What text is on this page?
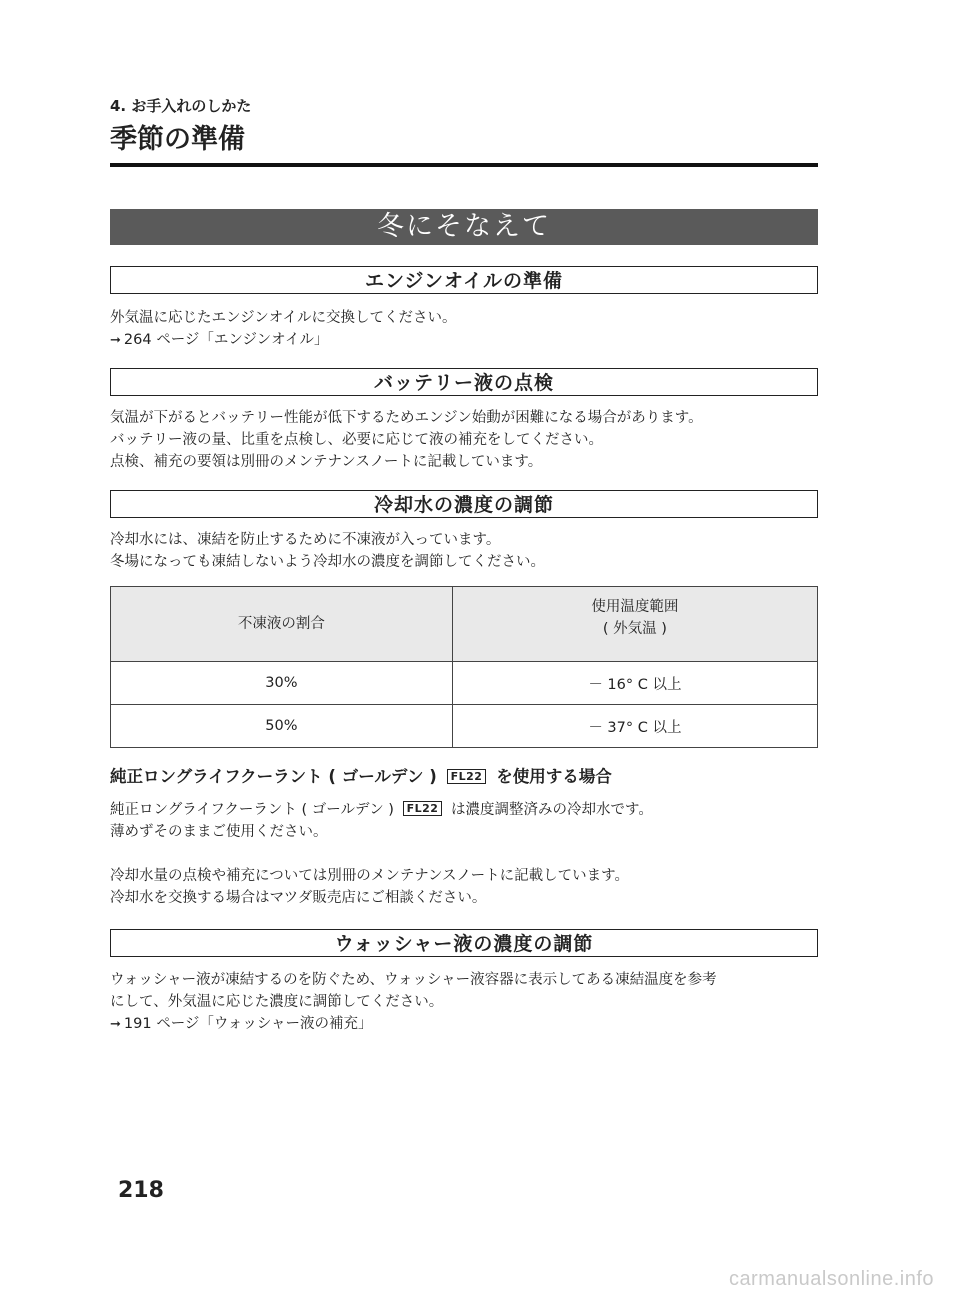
4. お手入れのしかた

季節の準備
冬にそなえて
エンジンオイルの準備

外気温に応じたエンジンオイルに交換してください。

➞ 264 ページ「エンジンオイル」

バッテリー液の点検

気温が下がるとバッテリー性能が低下するためエンジン始動が困難になる場合があります。

バッテリー液の量、比重を点検し、必要に応じて液の補充をしてください。

点検、補充の要領は別冊のメンテナンスノートに記載しています。

冷却水の濃度の調節

冷却水には、凍結を防止するために不凍液が入っています。

冬場になっても凍結しないよう冷却水の濃度を調節してください。

不凍液の割合	使用温度範囲
( 外気温 )
30%	－ 16° C 以上
50%	－ 37° C 以上
純正ロングライフクーラント ( ゴールデン ) FL22 を使用する場合

純正ロングライフクーラント ( ゴールデン ) FL22 は濃度調整済みの冷却水です。

薄めずそのままご使用ください。

冷却水量の点検や補充については別冊のメンテナンスノートに記載しています。

冷却水を交換する場合はマツダ販売店にご相談ください。

ウォッシャー液の濃度の調節

ウォッシャー液が凍結するのを防ぐため、ウォッシャー液容器に表示してある凍結温度を参考

にして、外気温に応じた濃度に調節してください。

➞ 191 ページ「ウォッシャー液の補充」

218
carmanualsonline.info
